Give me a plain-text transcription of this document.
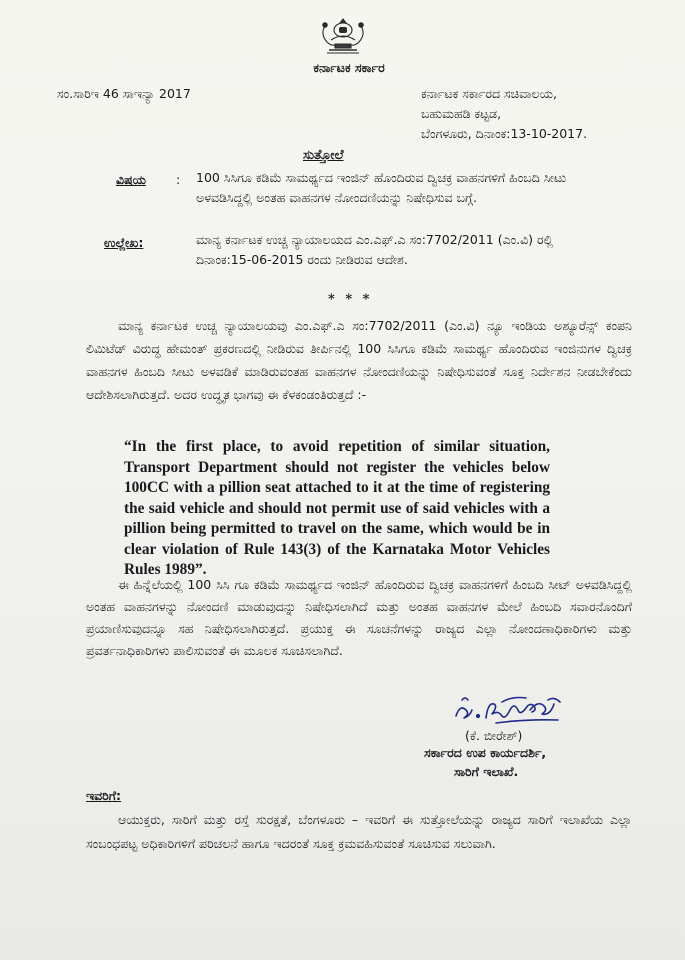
ಕರ್ನಾಟಕ ಸರ್ಕಾರ
ಸಂ.ಸಾರಿಇ 46 ಸಾಇನ್ಯಾ 2017	ಕರ್ನಾಟಕ ಸರ್ಕಾರದ ಸಚಿವಾಲಯ,
ಬಹುಮಹಡಿ ಕಟ್ಟಡ,
ಬೆಂಗಳೂರು, ದಿನಾಂಕ:13-10-2017.
ಸುತ್ತೋಲೆ
ವಿಷಯ : 100 ಸಿಸಿಗೂ ಕಡಿಮೆ ಸಾಮರ್ಥ್ಯದ ಇಂಜಿನ್ ಹೊಂದಿರುವ ದ್ವಿಚಕ್ರ ವಾಹನಗಳಿಗೆ ಹಿಂಬದಿ ಸೀಟು ಅಳವಡಿಸಿದ್ದಲ್ಲಿ ಅಂತಹ ವಾಹನಗಳ ನೋಂದಣಿಯನ್ನು ನಿಷೇಧಿಸುವ ಬಗ್ಗೆ.
ಉಲ್ಲೇಖ:	ಮಾನ್ಯ ಕರ್ನಾಟಕ ಉಚ್ಚ ನ್ಯಾಯಾಲಯದ ಎಂ.ಎಫ್.ಎ ಸಂ:7702/2011 (ಎಂ.ವಿ) ರಲ್ಲಿ ದಿನಾಂಕ:15-06-2015 ರಂದು ನೀಡಿರುವ ಆದೇಶ.
* * *
ಮಾನ್ಯ ಕರ್ನಾಟಕ ಉಚ್ಚ ನ್ಯಾಯಾಲಯವು ಎಂ.ಎಫ್.ಎ ಸಂ:7702/2011 (ಎಂ.ವಿ) ನ್ಯೂ ಇಂಡಿಯ ಅಶ್ಯೂರೆನ್ಸ್ ಕಂಪನಿ ಲಿಮಿಟೆಡ್ ವಿರುದ್ಧ ಹೇಮಂತ್ ಪ್ರಕರಣದಲ್ಲಿ ನೀಡಿರುವ ತೀರ್ಪಿನಲ್ಲಿ 100 ಸಿಸಿಗೂ ಕಡಿಮೆ ಸಾಮರ್ಥ್ಯ ಹೊಂದಿರುವ ಇಂಜಿನುಗಳ ದ್ವಿಚಕ್ರ ವಾಹನಗಳ ಹಿಂಬದಿ ಸೀಟು ಅಳವಡಿಕೆ ಮಾಡಿರುವಂತಹ ವಾಹನಗಳ ನೋಂದಣಿಯನ್ನು ನಿಷೇಧಿಸುವಂತೆ ಸೂಕ್ತ ನಿರ್ದೇಶನ ನೀಡಬೇಕೆಂದು ಆದೇಶಿಸಲಾಗಿರುತ್ತದೆ. ಅದರ ಉದ್ಧೃತ ಭಾಗವು ಈ ಕೆಳಕಂಡಂತಿರುತ್ತದೆ :-
“In the first place, to avoid repetition of similar situation, Transport Department should not register the vehicles below 100CC with a pillion seat attached to it at the time of registering the said vehicle and should not permit use of said vehicles with a pillion being permitted to travel on the same, which would be in clear violation of Rule 143(3) of the Karnataka Motor Vehicles Rules 1989”.
ಈ ಹಿನ್ನೆಲೆಯಲ್ಲಿ 100 ಸಿಸಿ ಗೂ ಕಡಿಮೆ ಸಾಮರ್ಥ್ಯದ ಇಂಜಿನ್ ಹೊಂದಿರುವ ದ್ವಿಚಕ್ರ ವಾಹನಗಳಿಗೆ ಹಿಂಬದಿ ಸೀಟ್ ಅಳವಡಿಸಿದ್ದಲ್ಲಿ ಅಂತಹ ವಾಹನಗಳನ್ನು ನೋಂದಣಿ ಮಾಡುವುದನ್ನು ನಿಷೇಧಿಸಲಾಗಿದೆ ಮತ್ತು ಅಂತಹ ವಾಹನಗಳ ಮೇಲೆ ಹಿಂಬದಿ ಸವಾರನೊಂದಿಗೆ ಪ್ರಯಾಣಿಸುವುದನ್ನೂ ಸಹ ನಿಷೇಧಿಸಲಾಗಿರುತ್ತದೆ. ಪ್ರಯುಕ್ತ ಈ ಸೂಚನೆಗಳನ್ನು ರಾಜ್ಯದ ಎಲ್ಲಾ ನೋಂದಣಾಧಿಕಾರಿಗಳು ಮತ್ತು ಪ್ರವರ್ತನಾಧಿಕಾರಿಗಳು ಪಾಲಿಸುವಂತೆ ಈ ಮೂಲಕ ಸೂಚಿಸಲಾಗಿದೆ.
(ಕೆ. ಬೀರೇಶ್)
ಸರ್ಕಾರದ ಉಪ ಕಾರ್ಯದರ್ಶಿ,
ಸಾರಿಗೆ ಇಲಾಖೆ.
ಇವರಿಗೆ:
ಆಯುಕ್ತರು, ಸಾರಿಗೆ ಮತ್ತು ರಸ್ತೆ ಸುರಕ್ಷತೆ, ಬೆಂಗಳೂರು – ಇವರಿಗೆ ಈ ಸುತ್ತೋಲೆಯನ್ನು ರಾಜ್ಯದ ಸಾರಿಗೆ ಇಲಾಖೆಯ ಎಲ್ಲಾ ಸಂಬಂಧಪಟ್ಟ ಅಧಿಕಾರಿಗಳಿಗೆ ಪರಿಚಲನೆ ಹಾಗೂ ಇದರಂತೆ ಸೂಕ್ತ ಕ್ರಮವಹಿಸುವಂತೆ ಸೂಚಿಸುವ ಸಲುವಾಗಿ.
